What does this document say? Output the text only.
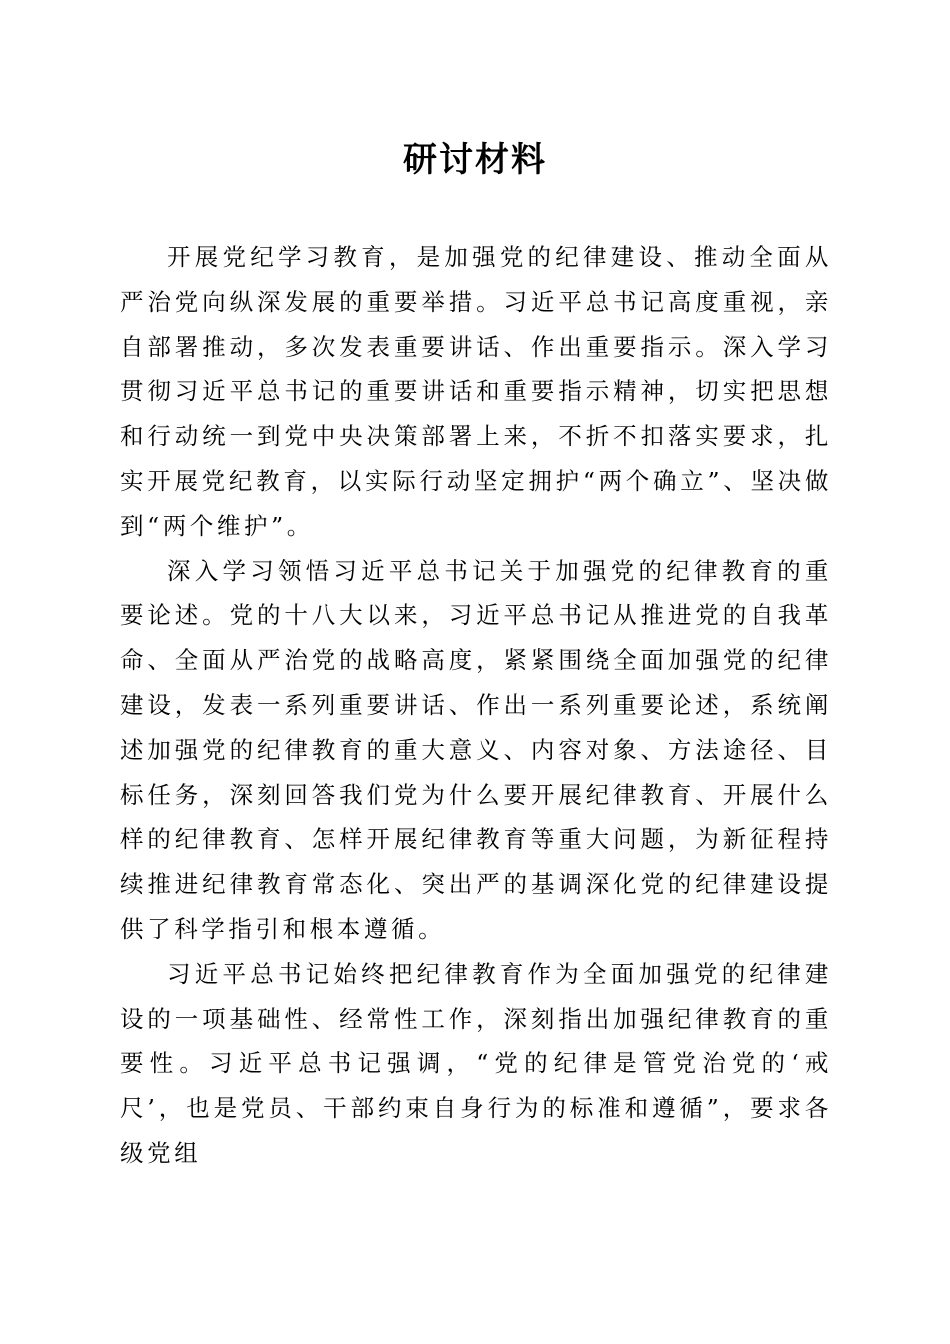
研讨材料

开展党纪学习教育，是加强党的纪律建设、推动全面从严治党向纵深发展的重要举措。习近平总书记高度重视，亲自部署推动，多次发表重要讲话、作出重要指示。深入学习贯彻习近平总书记的重要讲话和重要指示精神，切实把思想和行动统一到党中央决策部署上来，不折不扣落实要求，扎实开展党纪教育，以实际行动坚定拥护“两个确立”、坚决做到“两个维护”。

深入学习领悟习近平总书记关于加强党的纪律教育的重要论述。党的十八大以来，习近平总书记从推进党的自我革命、全面从严治党的战略高度，紧紧围绕全面加强党的纪律建设，发表一系列重要讲话、作出一系列重要论述，系统阐述加强党的纪律教育的重大意义、内容对象、方法途径、目标任务，深刻回答我们党为什么要开展纪律教育、开展什么样的纪律教育、怎样开展纪律教育等重大问题，为新征程持续推进纪律教育常态化、突出严的基调深化党的纪律建设提供了科学指引和根本遵循。

习近平总书记始终把纪律教育作为全面加强党的纪律建设的一项基础性、经常性工作，深刻指出加强纪律教育的重要性。习近平总书记强调，“党的纪律是管党治党的‘戒尺’，也是党员、干部约束自身行为的标准和遵循”，要求各级党组
